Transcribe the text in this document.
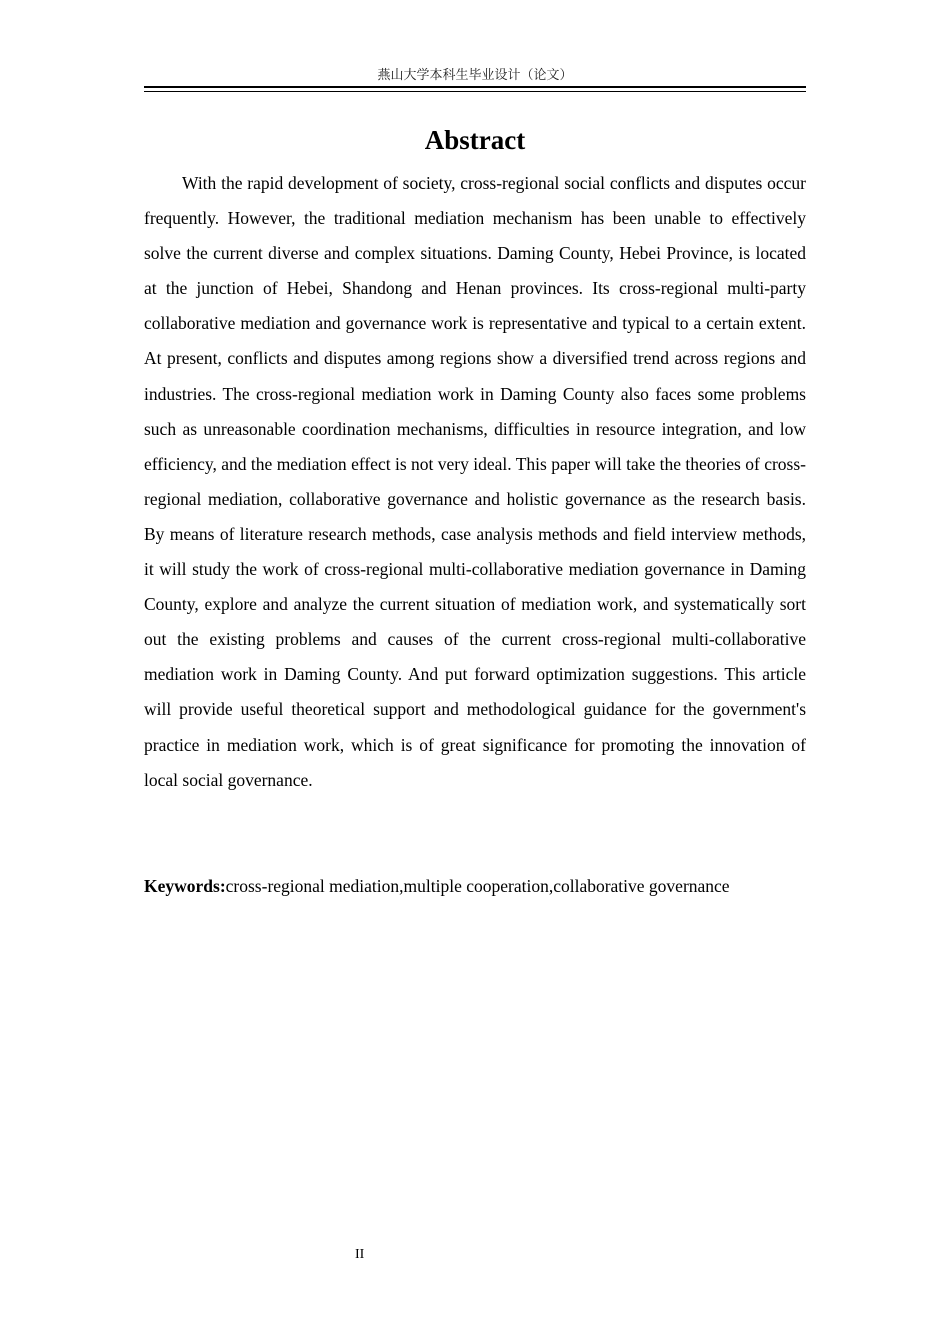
燕山大学本科生毕业设计（论文）
Abstract

With the rapid development of society, cross-regional social conflicts and disputes occur frequently. However, the traditional mediation mechanism has been unable to effectively solve the current diverse and complex situations. Daming County, Hebei Province, is located at the junction of Hebei, Shandong and Henan provinces. Its cross-regional multi-party collaborative mediation and governance work is representative and typical to a certain extent. At present, conflicts and disputes among regions show a diversified trend across regions and industries. The cross-regional mediation work in Daming County also faces some problems such as unreasonable coordination mechanisms, difficulties in resource integration, and low efficiency, and the mediation effect is not very ideal. This paper will take the theories of cross-regional mediation, collaborative governance and holistic governance as the research basis. By means of literature research methods, case analysis methods and field interview methods, it will study the work of cross-regional multi-collaborative mediation governance in Daming County, explore and analyze the current situation of mediation work, and systematically sort out the existing problems and causes of the current cross-regional multi-collaborative mediation work in Daming County. And put forward optimization suggestions. This article will provide useful theoretical support and methodological guidance for the government's practice in mediation work, which is of great significance for promoting the innovation of local social governance.

Keywords:cross-regional mediation,multiple cooperation,collaborative governance

II
